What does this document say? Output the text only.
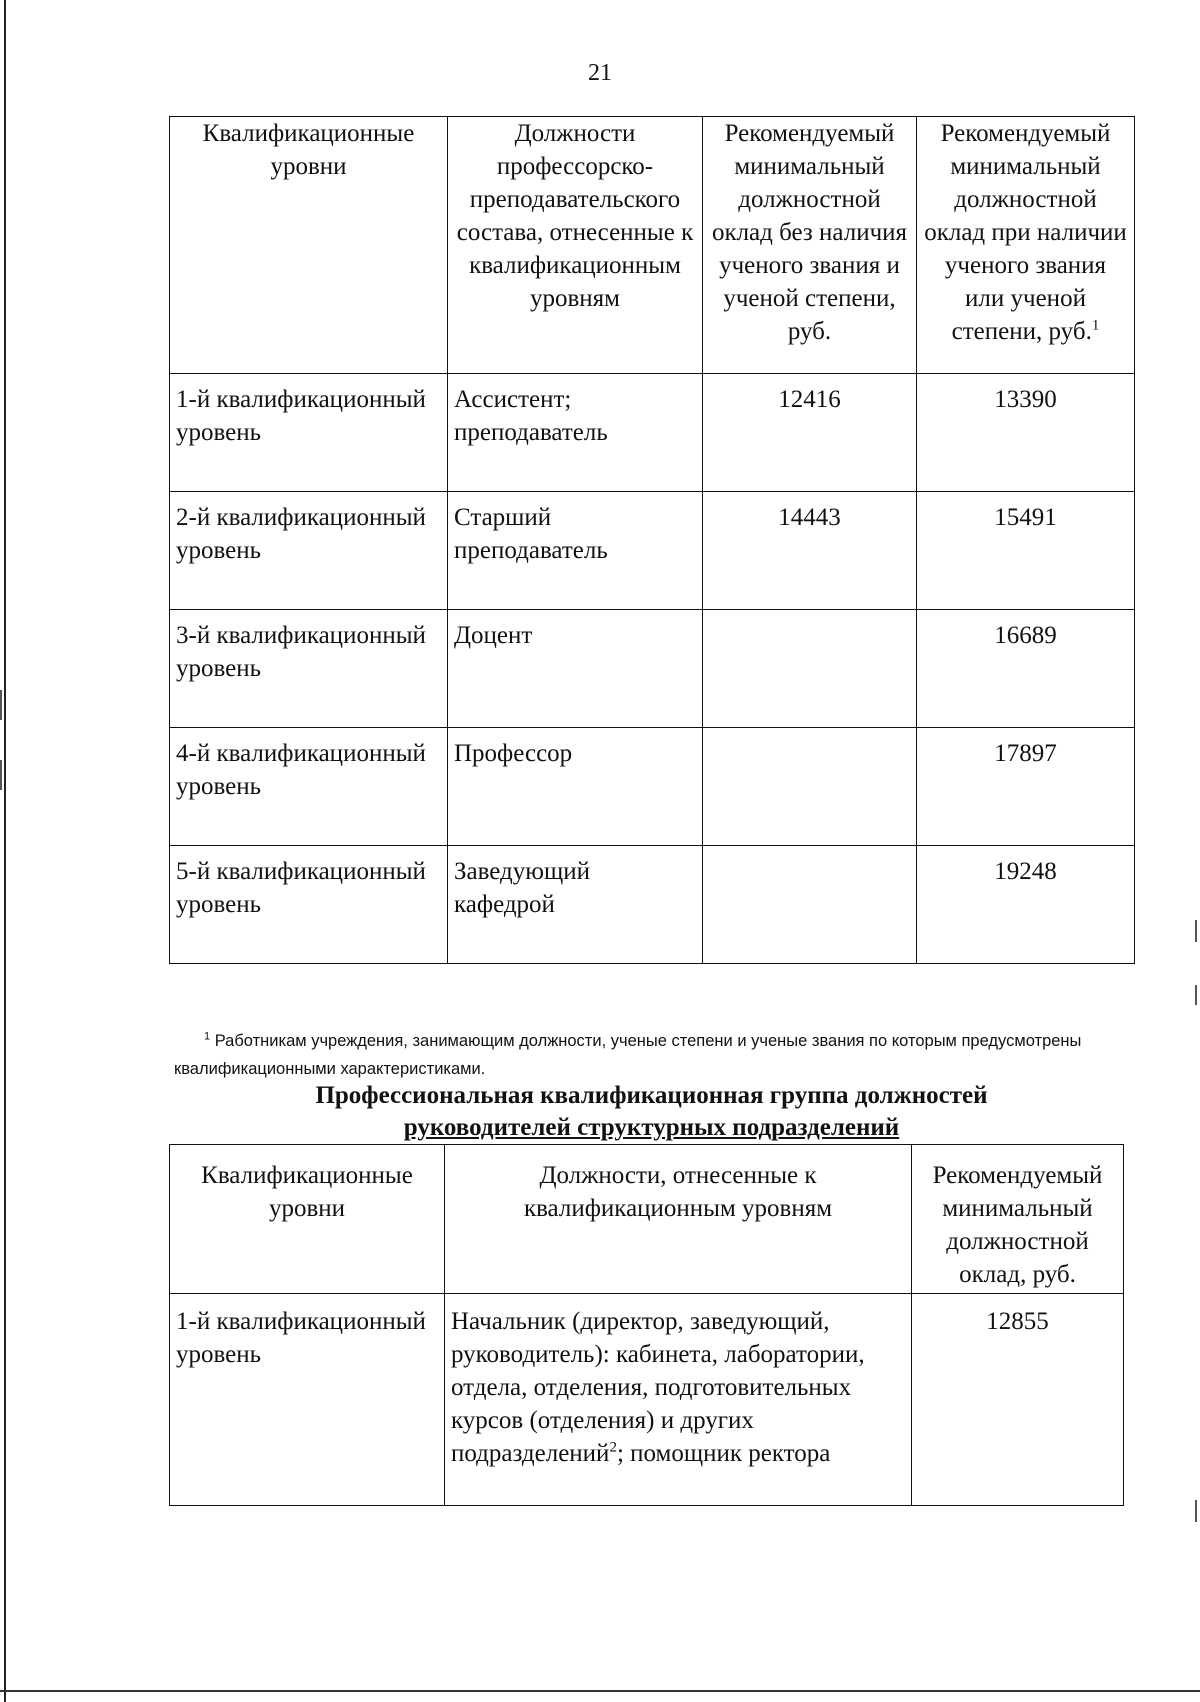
21
Квалификационные уровни	Должности профессорско-преподавательского состава, отнесенные к квалификационным уровням	Рекомендуемый минимальный должностной оклад без наличия ученого звания и ученой степени, руб.	Рекомендуемый минимальный должностной оклад при наличии ученого звания или ученой степени, руб.$^1$
1-й квалификационный уровень	Ассистент; преподаватель	12416	13390
2-й квалификационный уровень	Старший преподаватель	14443	15491
3-й квалификационный уровень	Доцент		16689
4-й квалификационный уровень	Профессор		17897
5-й квалификационный уровень	Заведующий кафедрой		19248
$^1$ Работникам учреждения, занимающим должности, ученые степени и ученые звания по которым предусмотрены квалификационными характеристиками.
Профессиональная квалификационная группа должностей
руководителей структурных подразделений
Квалификационные уровни	Должности, отнесенные к квалификационным уровням	Рекомендуемый минимальный должностной оклад, руб.
1-й квалификационный уровень	Начальник (директор, заведующий, руководитель): кабинета, лаборатории, отдела, отделения, подготовительных курсов (отделения) и других подразделений$^2$; помощник ректора	12855
